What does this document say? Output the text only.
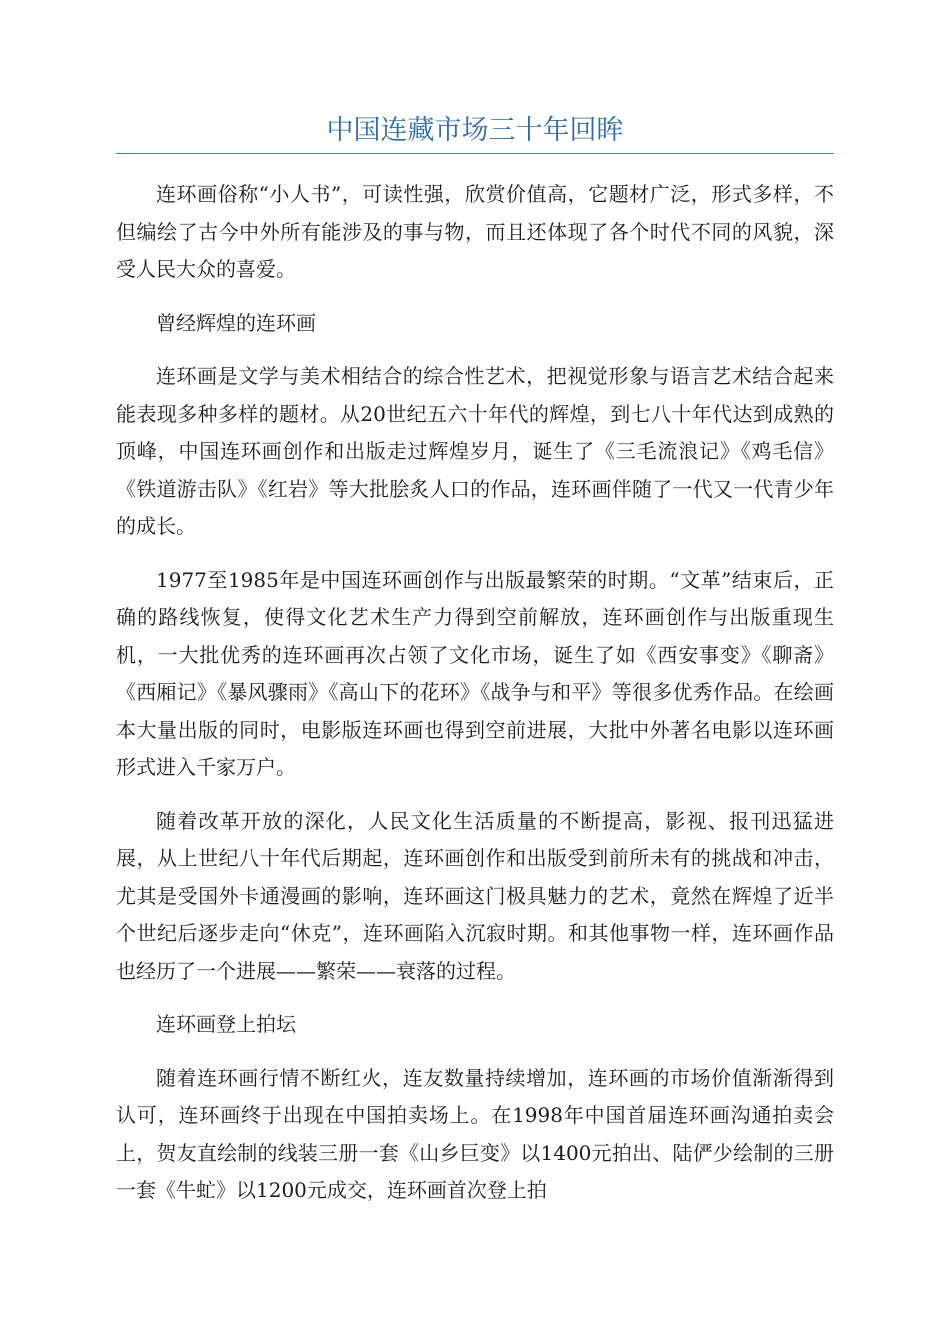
中国连藏市场三十年回眸

连环画俗称“小人书”，可读性强，欣赏价值高，它题材广泛，形式多样，不但编绘了古今中外所有能涉及的事与物，而且还体现了各个时代不同的风貌，深受人民大众的喜爱。

曾经辉煌的连环画

连环画是文学与美术相结合的综合性艺术，把视觉形象与语言艺术结合起来能表现多种多样的题材。从20世纪五六十年代的辉煌，到七八十年代达到成熟的顶峰，中国连环画创作和出版走过辉煌岁月，诞生了《三毛流浪记》《鸡毛信》《铁道游击队》《红岩》等大批脍炙人口的作品，连环画伴随了一代又一代青少年的成长。

1977至1985年是中国连环画创作与出版最繁荣的时期。“文革”结束后，正确的路线恢复，使得文化艺术生产力得到空前解放，连环画创作与出版重现生机，一大批优秀的连环画再次占领了文化市场，诞生了如《西安事变》《聊斋》《西厢记》《暴风骤雨》《高山下的花环》《战争与和平》等很多优秀作品。在绘画本大量出版的同时，电影版连环画也得到空前进展，大批中外著名电影以连环画形式进入千家万户。

随着改革开放的深化，人民文化生活质量的不断提高，影视、报刊迅猛进展，从上世纪八十年代后期起，连环画创作和出版受到前所未有的挑战和冲击，尤其是受国外卡通漫画的影响，连环画这门极具魅力的艺术，竟然在辉煌了近半个世纪后逐步走向“休克”，连环画陷入沉寂时期。和其他事物一样，连环画作品也经历了一个进展——繁荣——衰落的过程。

连环画登上拍坛

随着连环画行情不断红火，连友数量持续增加，连环画的市场价值渐渐得到认可，连环画终于出现在中国拍卖场上。在1998年中国首届连环画沟通拍卖会上，贺友直绘制的线装三册一套《山乡巨变》以1400元拍出、陆俨少绘制的三册一套《牛虻》以1200元成交，连环画首次登上拍
